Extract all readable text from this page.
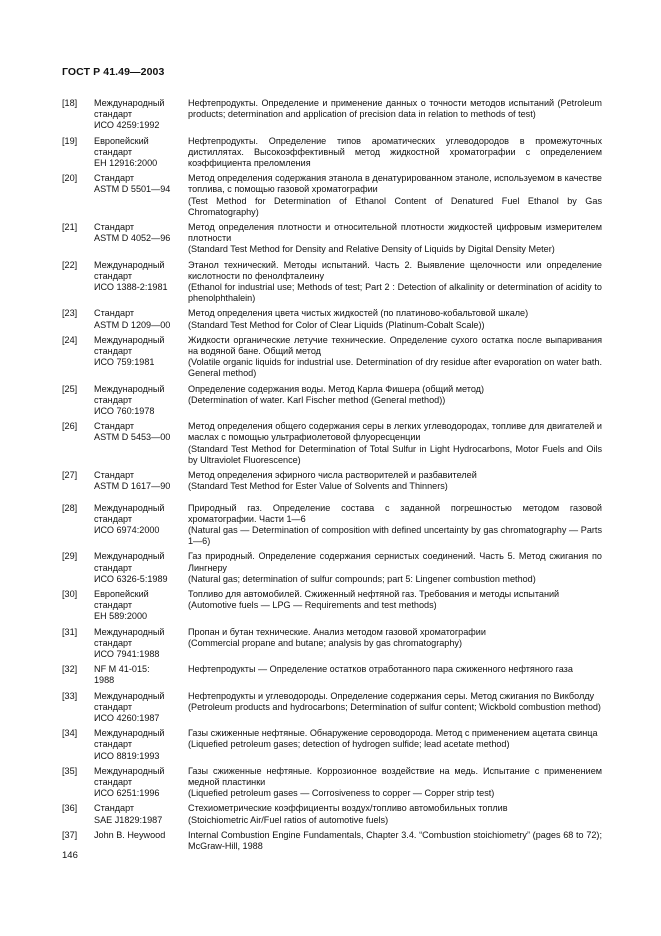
ГОСТ Р 41.49—2003
[18]	Международный
стандарт
ИСО 4259:1992

Нефтепродукты. Определение и применение данных о точности методов испытаний (Petroleum products; determination and application of precision data in relation to methods of test)

[19]	Европейский
стандарт
ЕН 12916:2000

Нефтепродукты. Определение типов ароматических углеводородов в промежуточных дистиллятах. Высокоэффективный метод жидкостной хроматографии с определением коэффициента преломления

[20]	Стандарт
ASTM D 5501—94

Метод определения содержания этанола в денатурированном этаноле, используемом в качестве топлива, с помощью газовой хроматографии

(Test Method for Determination of Ethanol Content of Denatured Fuel Ethanol by Gas Chromatography)

[21]	Стандарт
ASTM D 4052—96

Метод определения плотности и относительной плотности жидкостей цифровым измерителем плотности

(Standard Test Method for Density and Relative Density of Liquids by Digital Density Meter)

[22]	Международный
стандарт
ИСО 1388-2:1981

Этанол технический. Методы испытаний. Часть 2. Выявление щелочности или определение кислотности по фенолфталеину

(Ethanol for industrial use; Methods of test; Part 2 : Detection of alkalinity or determination of acidity to phenolphthalein)

[23]	Стандарт
ASTM D 1209—00

Метод определения цвета чистых жидкостей (по платиново-кобальтовой шкале)

(Standard Test Method for Color of Clear Liquids (Platinum-Cobalt Scale))

[24]	Международный
стандарт
ИСО 759:1981

Жидкости органические летучие технические. Определение сухого остатка после выпаривания на водяной бане. Общий метод

(Volatile organic liquids for industrial use. Determination of dry residue after evaporation on water bath. General method)

[25]	Международный
стандарт
ИСО 760:1978

Определение содержания воды. Метод Карла Фишера (общий метод)

(Determination of water. Karl Fischer method (General method))

[26]	Стандарт
ASTM D 5453—00

Метод определения общего содержания серы в легких углеводородах, топливе для двигателей и маслах с помощью ультрафиолетовой флуоресценции

(Standard Test Method for Determination of Total Sulfur in Light Hydrocarbons, Motor Fuels and Oils by Ultraviolet Fluorescence)

[27]	Стандарт
ASTM D 1617—90

Метод определения эфирного числа растворителей и разбавителей

(Standard Test Method for Ester Value of Solvents and Thinners)

[28]	Международный
стандарт
ИСО 6974:2000

Природный газ. Определение состава с заданной погрешностью методом газовой хроматографии. Части 1—6

(Natural gas — Determination of composition with defined uncertainty by gas chromatography — Parts 1—6)

[29]	Международный
стандарт
ИСО 6326-5:1989

Газ природный. Определение содержания сернистых соединений. Часть 5. Метод сжигания по Лингнеру

(Natural gas; determination of sulfur compounds; part 5: Lingener combustion method)

[30]	Европейский
стандарт
ЕН 589:2000

Топливо для автомобилей. Сжиженный нефтяной газ. Требования и методы испытаний

(Automotive fuels — LPG — Requirements and test methods)

[31]	Международный
стандарт
ИСО 7941:1988

Пропан и бутан технические. Анализ методом газовой хроматографии

(Commercial propane and butane; analysis by gas chromatography)

[32]	NF M 41-015:
1988

Нефтепродукты — Определение остатков отработанного пара сжиженного нефтяного газа

[33]	Международный
стандарт
ИСО 4260:1987

Нефтепродукты и углеводороды. Определение содержания серы. Метод сжигания по Викболду

(Petroleum products and hydrocarbons; Determination of sulfur content; Wickbold combustion method)

[34]	Международный
стандарт
ИСО 8819:1993

Газы сжиженные нефтяные. Обнаружение сероводорода. Метод с применением ацетата свинца

(Liquefied petroleum gases; detection of hydrogen sulfide; lead acetate method)

[35]	Международный
стандарт
ИСО 6251:1996

Газы сжиженные нефтяные. Коррозионное воздействие на медь. Испытание с применением медной пластинки

(Liquefied petroleum gases — Corrosiveness to copper — Copper strip test)

[36]	Стандарт
SAE J1829:1987

Стехиометрические коэффициенты воздух/топливо автомобильных топлив

(Stoichiometric Air/Fuel ratios of automotive fuels)

[37]	John B. Heywood	Internal Combustion Engine Fundamentals, Chapter 3.4. “Combustion stoichiometry” (pages 68 to 72); McGraw-Hill, 1988

146
